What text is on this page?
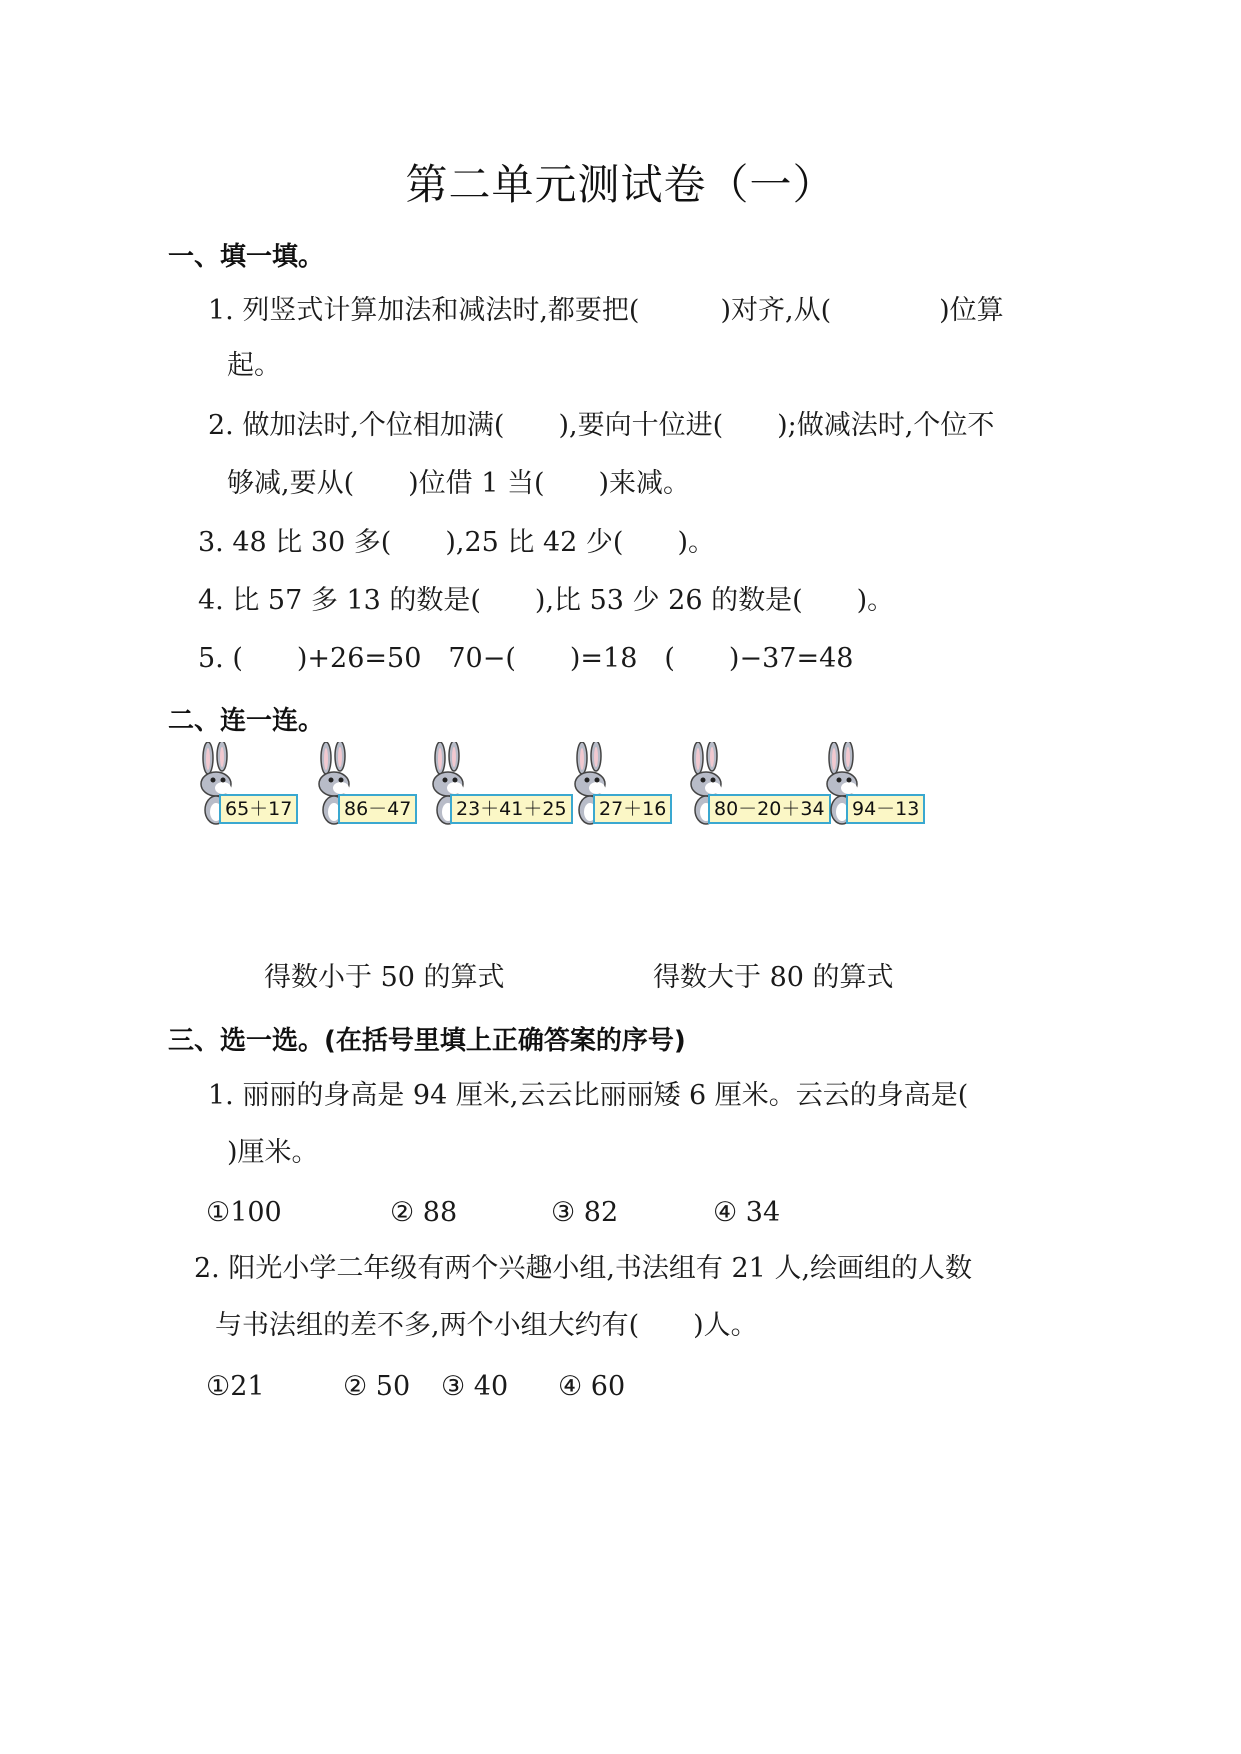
第二单元测试卷（一）
一、填一填。
1. 列竖式计算加法和减法时,都要把(　　　)对齐,从(　　　　)位算
起。
2. 做加法时,个位相加满(　　),要向十位进(　　);做减法时,个位不
够减,要从(　　)位借 1 当(　　)来减。
3. 48 比 30 多(　　),25 比 42 少(　　)。
4. 比 57 多 13 的数是(　　),比 53 少 26 的数是(　　)。
5. (　　)+26=50　70−(　　)=18　(　　)−37=48
二、连一连。
65＋17	86－47	23＋41＋25	27＋16	80－20＋34	94－13
得数小于 50 的算式	得数大于 80 的算式
三、选一选。(在括号里填上正确答案的序号)
1. 丽丽的身高是 94 厘米,云云比丽丽矮 6 厘米。云云的身高是(
)厘米。
①100	② 88	③ 82	④ 34
2. 阳光小学二年级有两个兴趣小组,书法组有 21 人,绘画组的人数
与书法组的差不多,两个小组大约有(　　)人。
①21	② 50 ③ 40 ④ 60
